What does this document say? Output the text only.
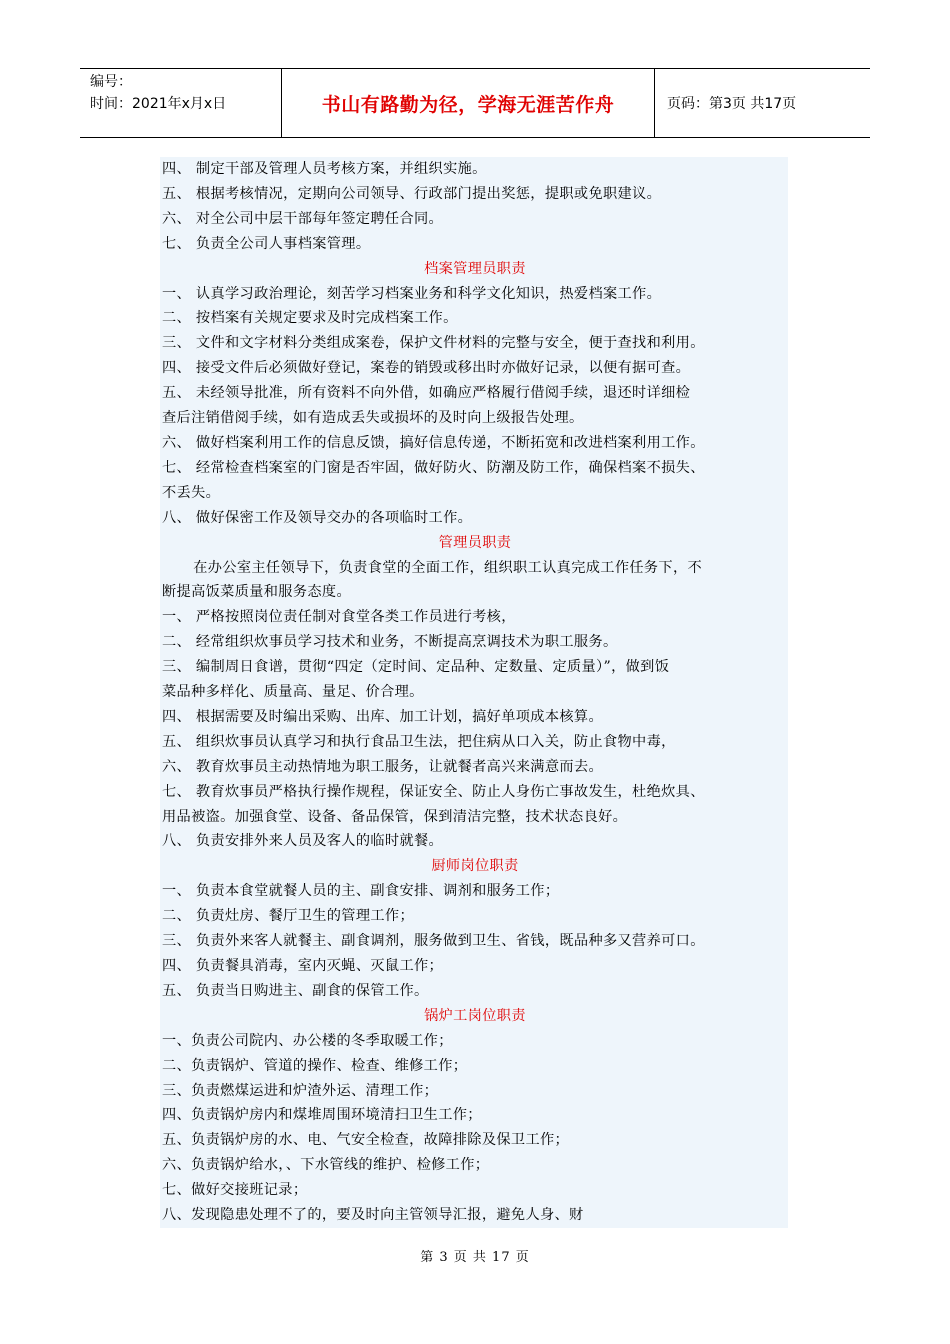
编号：
时间：2021年x月x日	书山有路勤为径，学海无涯苦作舟	页码：第3页 共17页

四、 制定干部及管理人员考核方案，并组织实施。

五、 根据考核情况，定期向公司领导、行政部门提出奖惩，提职或免职建议。

六、 对全公司中层干部每年签定聘任合同。

七、 负责全公司人事档案管理。

档案管理员职责

一、 认真学习政治理论，刻苦学习档案业务和科学文化知识，热爱档案工作。

二、 按档案有关规定要求及时完成档案工作。

三、 文件和文字材料分类组成案卷，保护文件材料的完整与安全，便于查找和利用。

四、 接受文件后必须做好登记，案卷的销毁或移出时亦做好记录，以便有据可查。

五、 未经领导批准，所有资料不向外借，如确应严格履行借阅手续，退还时详细检

查后注销借阅手续，如有造成丢失或损坏的及时向上级报告处理。

六、 做好档案利用工作的信息反馈，搞好信息传递，不断拓宽和改进档案利用工作。

七、 经常检查档案室的门窗是否牢固，做好防火、防潮及防工作，确保档案不损失、

不丢失。

八、 做好保密工作及领导交办的各项临时工作。

管理员职责

在办公室主任领导下，负责食堂的全面工作，组织职工认真完成工作任务下，不

断提高饭菜质量和服务态度。

一、 严格按照岗位责任制对食堂各类工作员进行考核，

二、 经常组织炊事员学习技术和业务，不断提高烹调技术为职工服务。

三、 编制周日食谱，贯彻“四定（定时间、定品种、定数量、定质量）”，做到饭

菜品种多样化、质量高、量足、价合理。

四、 根据需要及时编出采购、出库、加工计划，搞好单项成本核算。

五、 组织炊事员认真学习和执行食品卫生法，把住病从口入关，防止食物中毒，

六、 教育炊事员主动热情地为职工服务，让就餐者高兴来满意而去。

七、 教育炊事员严格执行操作规程，保证安全、防止人身伤亡事故发生，杜绝炊具、

用品被盗。加强食堂、设备、备品保管，保到清洁完整，技术状态良好。

八、 负责安排外来人员及客人的临时就餐。

厨师岗位职责

一、 负责本食堂就餐人员的主、副食安排、调剂和服务工作；

二、 负责灶房、餐厅卫生的管理工作；

三、 负责外来客人就餐主、副食调剂，服务做到卫生、省钱，既品种多又营养可口。

四、 负责餐具消毒，室内灭蝇、灭鼠工作；

五、 负责当日购进主、副食的保管工作。

锅炉工岗位职责

一、负责公司院内、办公楼的冬季取暖工作；

二、负责锅炉、管道的操作、检查、维修工作；

三、负责燃煤运进和炉渣外运、清理工作；

四、负责锅炉房内和煤堆周围环境清扫卫生工作；

五、负责锅炉房的水、电、气安全检查，故障排除及保卫工作；

六、负责锅炉给水，、下水管线的维护、检修工作；

七、做好交接班记录；

八、发现隐患处理不了的，要及时向主管领导汇报，避免人身、财

第 3 页 共 17 页
